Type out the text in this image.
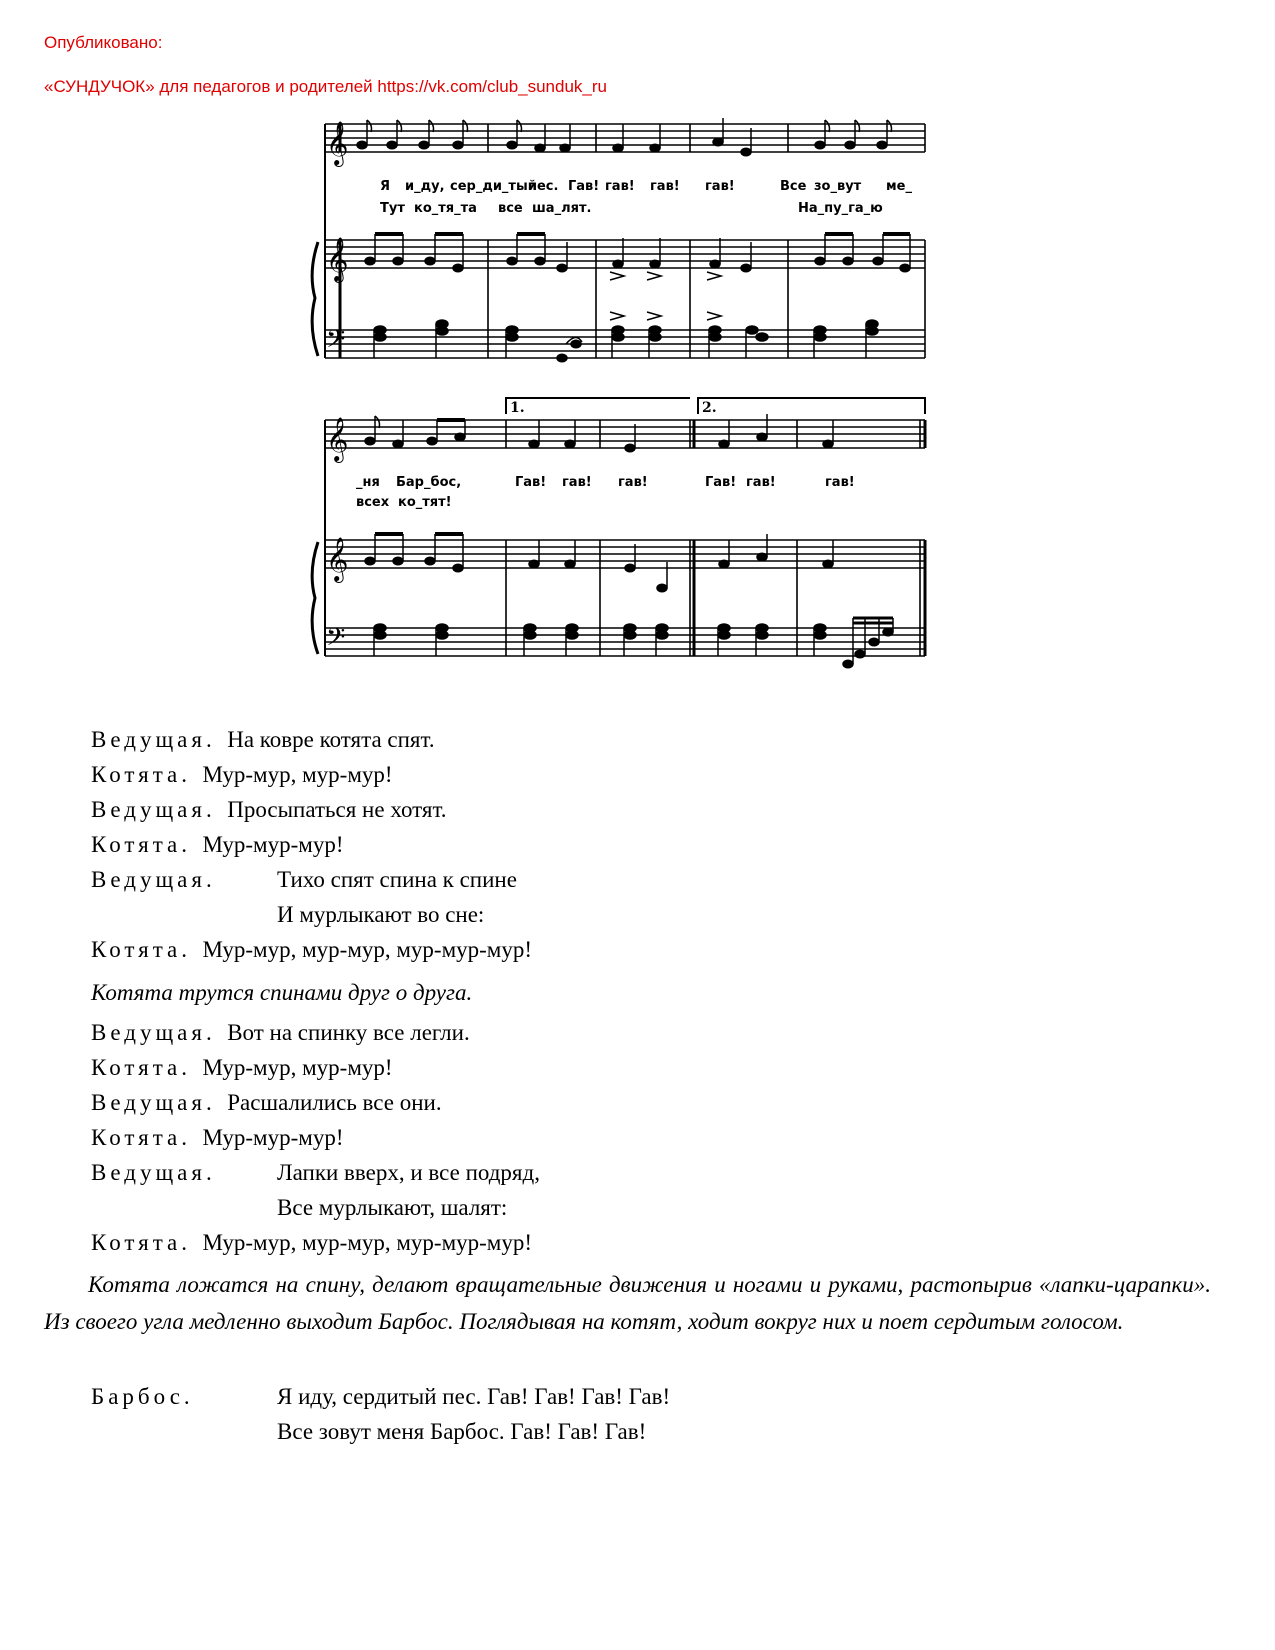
Опубликовано:
«СУНДУЧОК» для педагогов и родителей https://vk.com/club_sunduk_ru
𝄞
𝄞
𝄢
Я и_ду, сер_ди_тый
пес. Гав! гав! гав! гав!	Все зо_вут ме_
Тут ко_тя_та все ша_лят.	На_пу_га_ю
𝄞
𝄞
𝄢
1.	2.
_ня Бар_бос,	Гав! гав! гав!	Гав! гав!	гав!
всех ко_тят!
Ведущая. На ковре котята спят.
Котята. Мур-мур, мур-мур!
Ведущая. Просыпаться не хотят.
Котята. Мур-мур-мур!
Ведущая.	Тихо спят спина к спине
И мурлыкают во сне:
Котята. Мур-мур, мур-мур, мур-мур-мур!
Котята трутся спинами друг о друга.
Ведущая. Вот на спинку все легли.
Котята. Мур-мур, мур-мур!
Ведущая. Расшалились все они.
Котята. Мур-мур-мур!
Ведущая.	Лапки вверх, и все подряд,
Все мурлыкают, шалят:
Котята. Мур-мур, мур-мур, мур-мур-мур!
Котята ложатся на спину, делают вращательные движения и ногами и руками, растопырив «лапки-царапки». Из своего угла медленно выходит Барбос. Поглядывая на котят, ходит вокруг них и поет сердитым голосом.
Барбос.	Я иду, сердитый пес. Гав! Гав! Гав! Гав!
Все зовут меня Барбос. Гав! Гав! Гав!
